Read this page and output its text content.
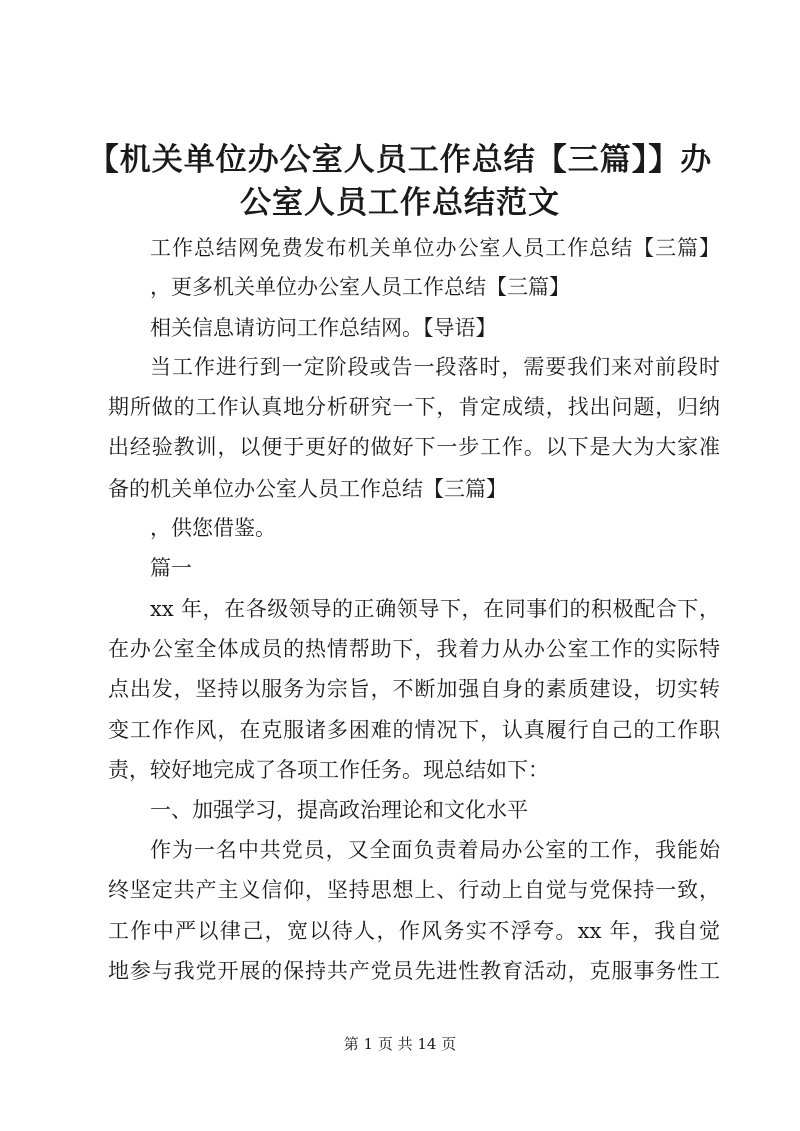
【机关单位办公室人员工作总结【三篇】】办
公室人员工作总结范文

工作总结网免费发布机关单位办公室人员工作总结【三篇】

，更多机关单位办公室人员工作总结【三篇】

相关信息请访问工作总结网。【导语】

当工作进行到一定阶段或告一段落时，需要我们来对前段时

期所做的工作认真地分析研究一下，肯定成绩，找出问题，归纳

出经验教训，以便于更好的做好下一步工作。以下是大为大家准

备的机关单位办公室人员工作总结【三篇】

，供您借鉴。

篇一

xx 年，在各级领导的正确领导下，在同事们的积极配合下，

在办公室全体成员的热情帮助下，我着力从办公室工作的实际特

点出发，坚持以服务为宗旨，不断加强自身的素质建设，切实转

变工作作风，在克服诸多困难的情况下，认真履行自己的工作职

责，较好地完成了各项工作任务。现总结如下：

一、加强学习，提高政治理论和文化水平

作为一名中共党员，又全面负责着局办公室的工作，我能始

终坚定共产主义信仰，坚持思想上、行动上自觉与党保持一致，

工作中严以律己，宽以待人，作风务实不浮夸。xx 年，我自觉

地参与我党开展的保持共产党员先进性教育活动，克服事务性工

第 1 页 共 14 页
